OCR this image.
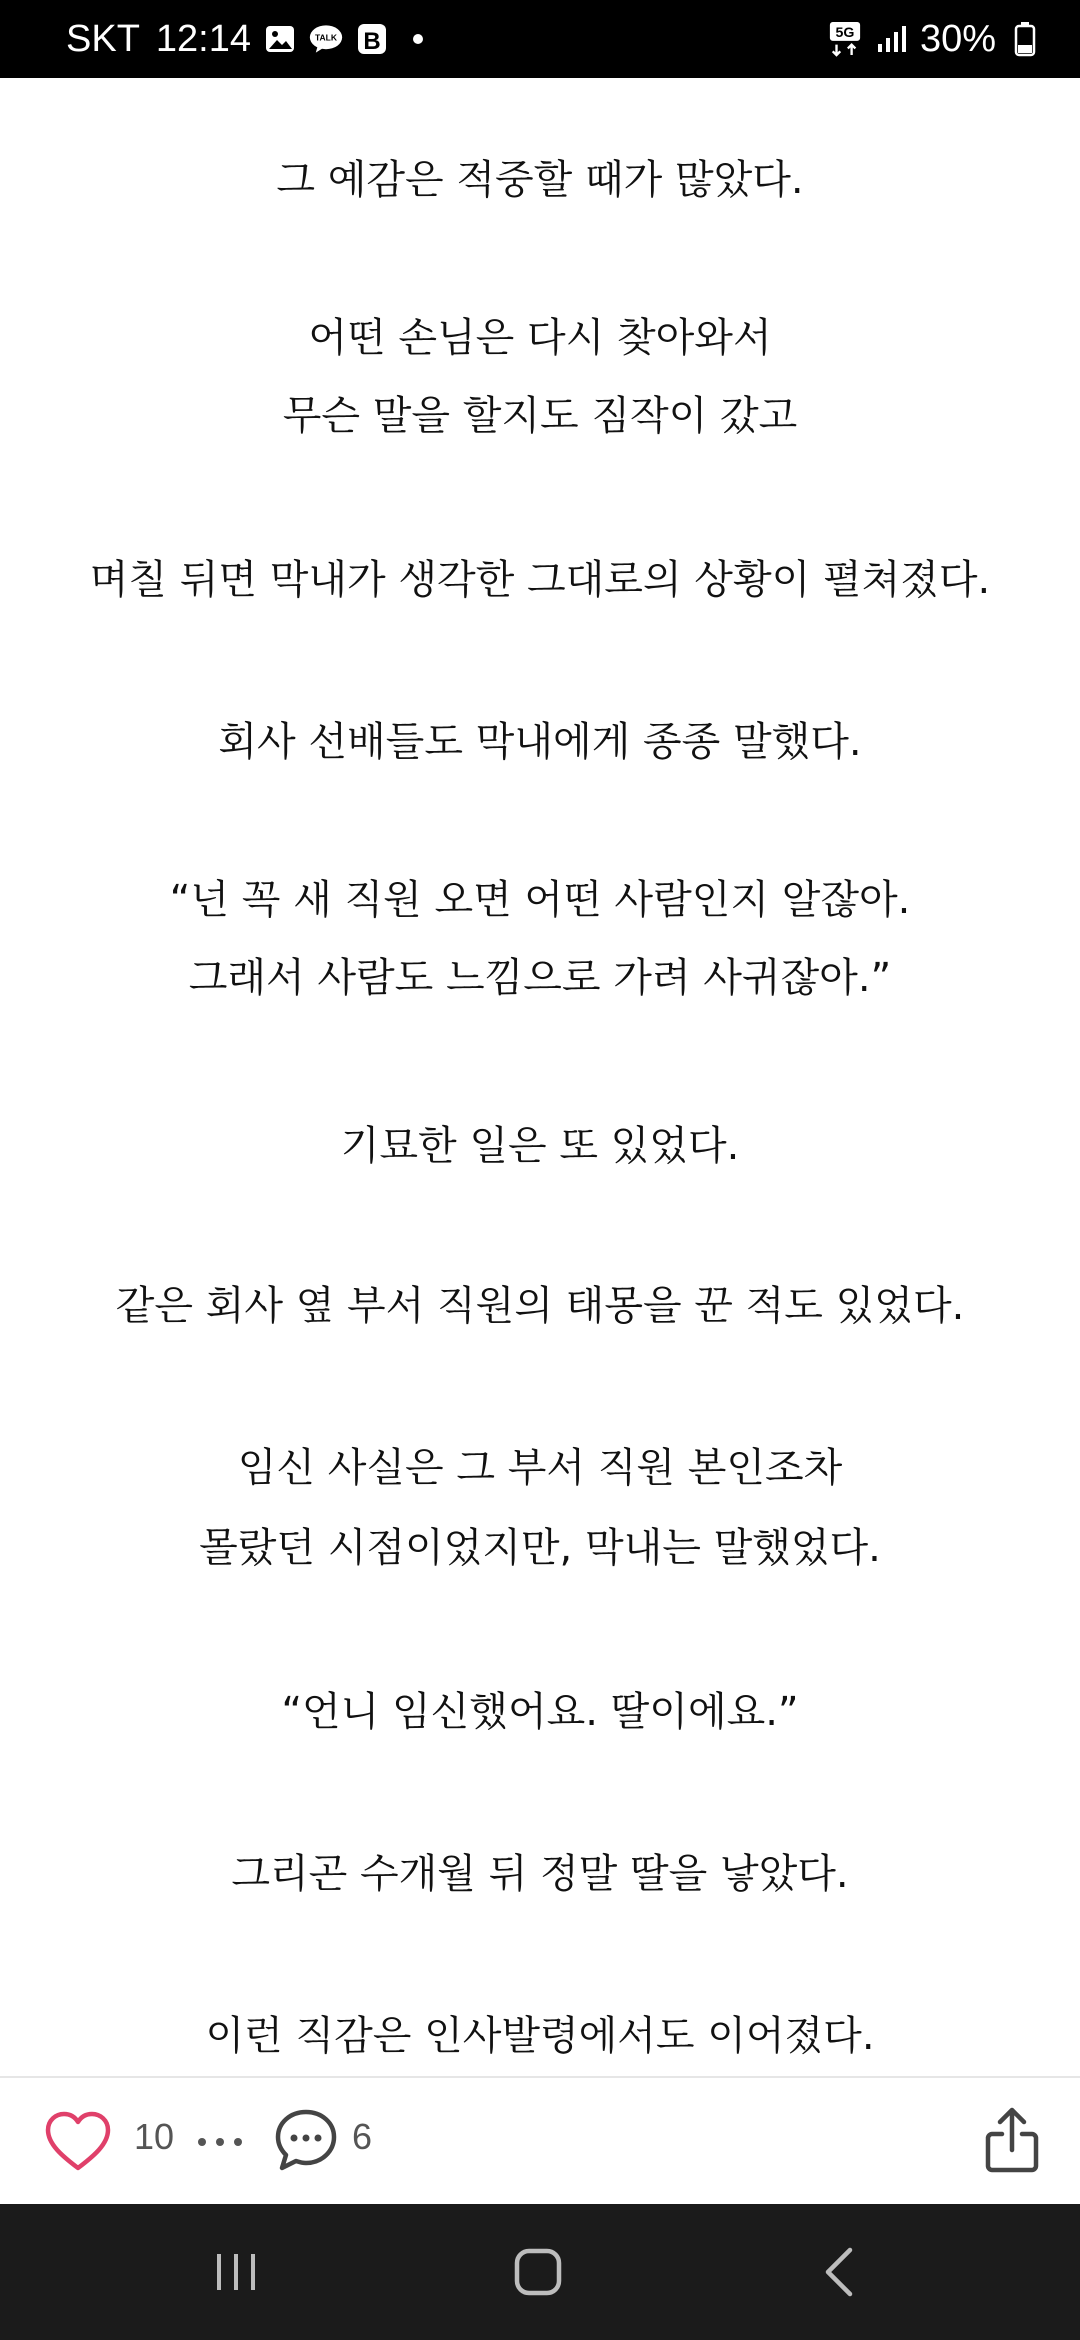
SKT 12:14	TALK B	5G 30%
그 예감은 적중할 때가 많았다.
어떤 손님은 다시 찾아와서
무슨 말을 할지도 짐작이 갔고
며칠 뒤면 막내가 생각한 그대로의 상황이 펼쳐졌다.
회사 선배들도 막내에게 종종 말했다.
“넌 꼭 새 직원 오면 어떤 사람인지 알잖아.
그래서 사람도 느낌으로 가려 사귀잖아.”
기묘한 일은 또 있었다.
같은 회사 옆 부서 직원의 태몽을 꾼 적도 있었다.
임신 사실은 그 부서 직원 본인조차
몰랐던 시점이었지만, 막내는 말했었다.
“언니 임신했어요. 딸이에요.”
그리곤 수개월 뒤 정말 딸을 낳았다.
이런 직감은 인사발령에서도 이어졌다.
10	6
